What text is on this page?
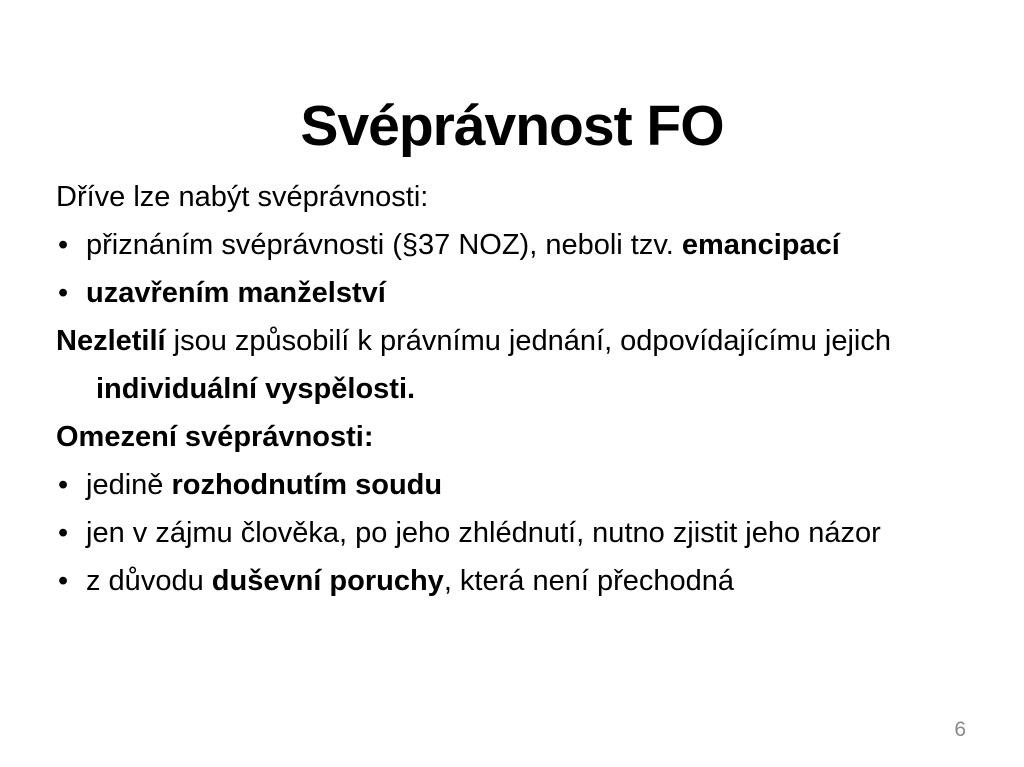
Svéprávnost FO

Dříve lze nabýt svéprávnosti:

• přiznáním svéprávnosti (§37 NOZ), neboli tzv. emancipací

• uzavřením manželství

Nezletilí jsou způsobilí k právnímu jednání, odpovídajícímu jejich

individuální vyspělosti.

Omezení svéprávnosti:

• jedině rozhodnutím soudu

• jen v zájmu člověka, po jeho zhlédnutí, nutno zjistit jeho názor

• z důvodu duševní poruchy, která není přechodná

6
